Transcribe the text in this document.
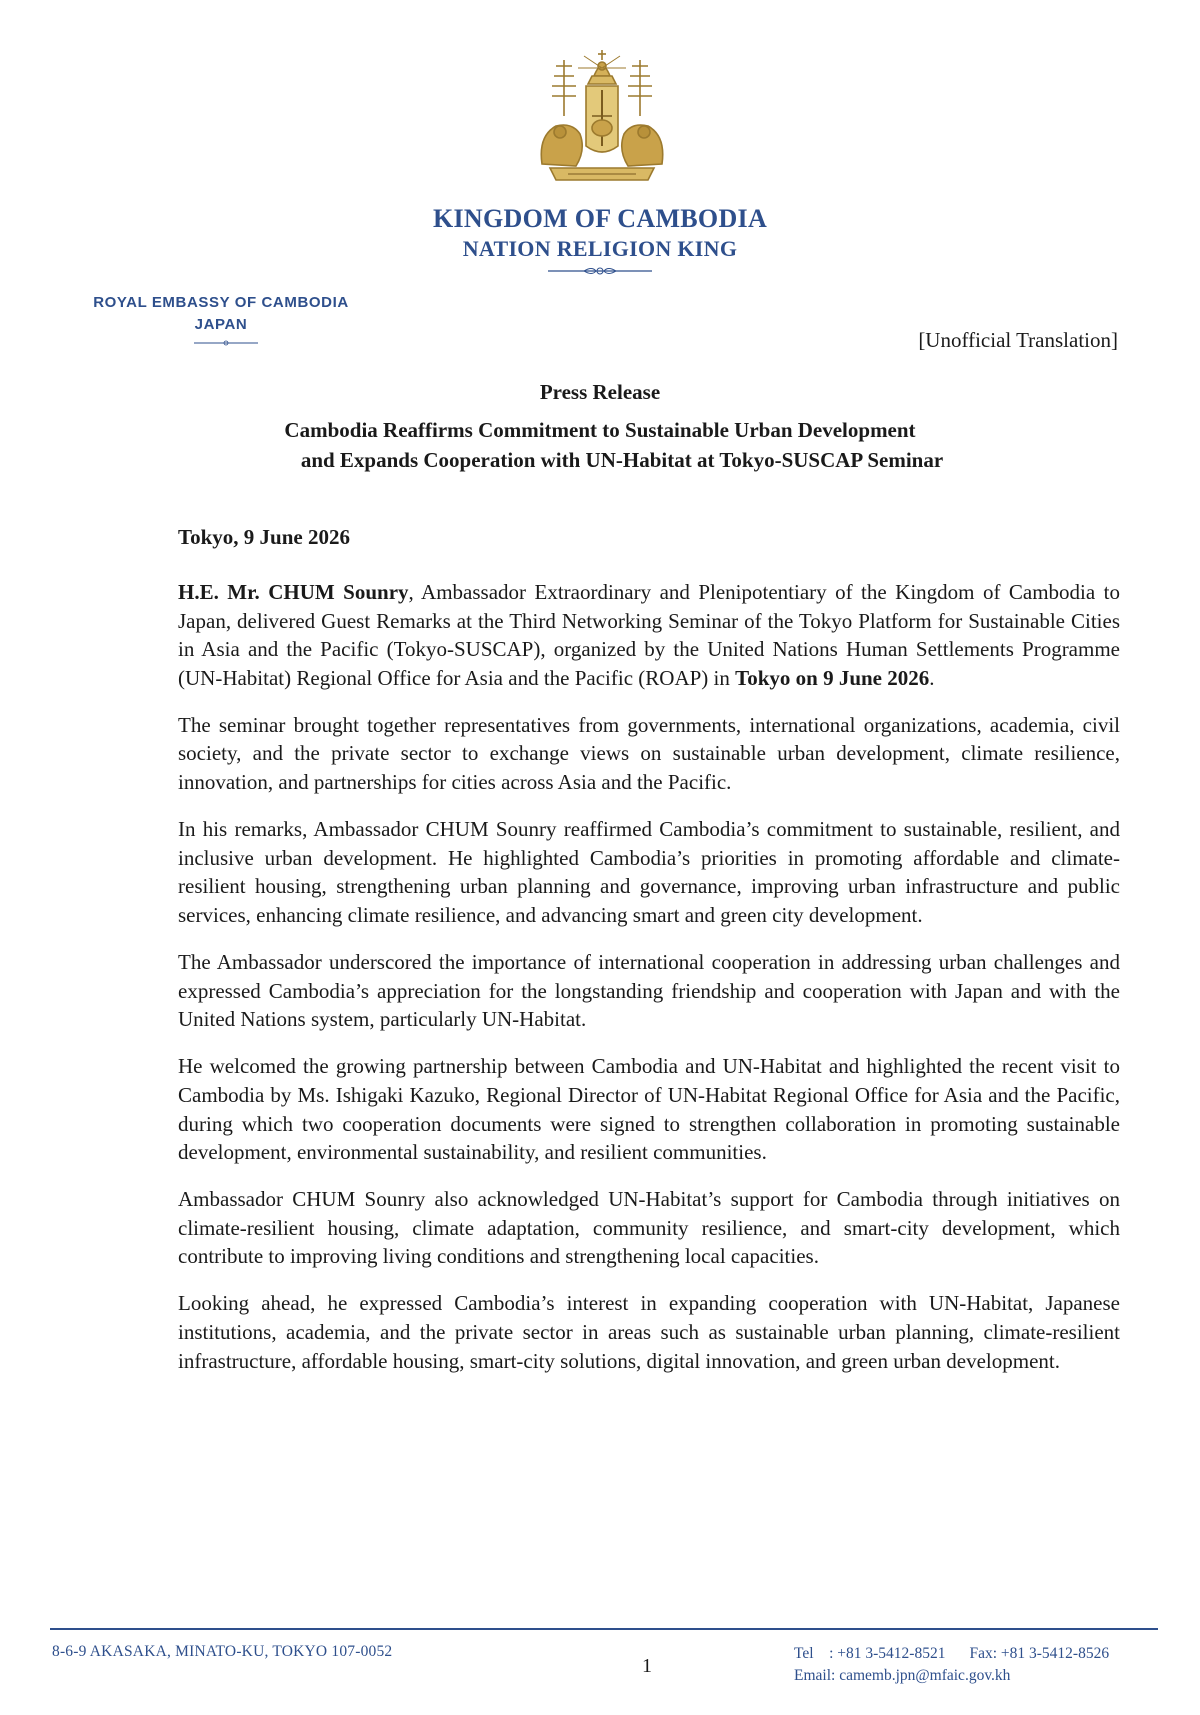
KINGDOM OF CAMBODIA
NATION RELIGION KING
ROYAL EMBASSY OF CAMBODIA
JAPAN
[Unofficial Translation]
Press Release
Cambodia Reaffirms Commitment to Sustainable Urban Development
and Expands Cooperation with UN-Habitat at Tokyo-SUSCAP Seminar
Tokyo, 9 June 2026

H.E. Mr. CHUM Sounry, Ambassador Extraordinary and Plenipotentiary of the Kingdom of Cambodia to Japan, delivered Guest Remarks at the Third Networking Seminar of the Tokyo Platform for Sustainable Cities in Asia and the Pacific (Tokyo-SUSCAP), organized by the United Nations Human Settlements Programme (UN-Habitat) Regional Office for Asia and the Pacific (ROAP) in Tokyo on 9 June 2026.

The seminar brought together representatives from governments, international organizations, academia, civil society, and the private sector to exchange views on sustainable urban development, climate resilience, innovation, and partnerships for cities across Asia and the Pacific.

In his remarks, Ambassador CHUM Sounry reaffirmed Cambodia’s commitment to sustainable, resilient, and inclusive urban development. He highlighted Cambodia’s priorities in promoting affordable and climate-resilient housing, strengthening urban planning and governance, improving urban infrastructure and public services, enhancing climate resilience, and advancing smart and green city development.

The Ambassador underscored the importance of international cooperation in addressing urban challenges and expressed Cambodia’s appreciation for the longstanding friendship and cooperation with Japan and with the United Nations system, particularly UN-Habitat.

He welcomed the growing partnership between Cambodia and UN-Habitat and highlighted the recent visit to Cambodia by Ms. Ishigaki Kazuko, Regional Director of UN-Habitat Regional Office for Asia and the Pacific, during which two cooperation documents were signed to strengthen collaboration in promoting sustainable development, environmental sustainability, and resilient communities.

Ambassador CHUM Sounry also acknowledged UN-Habitat’s support for Cambodia through initiatives on climate-resilient housing, climate adaptation, community resilience, and smart-city development, which contribute to improving living conditions and strengthening local capacities.

Looking ahead, he expressed Cambodia’s interest in expanding cooperation with UN-Habitat, Japanese institutions, academia, and the private sector in areas such as sustainable urban planning, climate-resilient infrastructure, affordable housing, smart-city solutions, digital innovation, and green urban development.

8-6-9 AKASAKA, MINATO-KU, TOKYO 107-0052
1
Tel    : +81 3-5412-8521 Fax: +81 3-5412-8526
Email: camemb.jpn@mfaic.gov.kh
